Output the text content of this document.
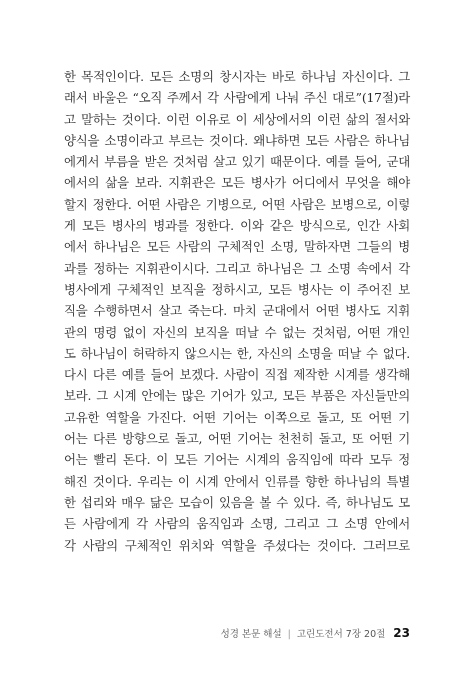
한 목적인이다. 모든 소명의 창시자는 바로 하나님 자신이다. 그
래서 바울은 “오직 주께서 각 사람에게 나눠 주신 대로”(17절)라
고 말하는 것이다. 이런 이유로 이 세상에서의 이런 삶의 절서와
양식을 소명이라고 부르는 것이다. 왜냐하면 모든 사람은 하나님
에게서 부름을 받은 것처럼 살고 있기 때문이다. 예를 들어, 군대
에서의 삶을 보라. 지휘관은 모든 병사가 어디에서 무엇을 해야
할지 정한다. 어떤 사람은 기병으로, 어떤 사람은 보병으로, 이렇
게 모든 병사의 병과를 정한다. 이와 같은 방식으로, 인간 사회
에서 하나님은 모든 사람의 구체적인 소명, 말하자면 그들의 병
과를 정하는 지휘관이시다. 그리고 하나님은 그 소명 속에서 각
병사에게 구체적인 보직을 정하시고, 모든 병사는 이 주어진 보
직을 수행하면서 살고 죽는다. 마치 군대에서 어떤 병사도 지휘
관의 명령 없이 자신의 보직을 떠날 수 없는 것처럼, 어떤 개인
도 하나님이 허락하지 않으시는 한, 자신의 소명을 떠날 수 없다.
다시 다른 예를 들어 보겠다. 사람이 직접 제작한 시계를 생각해
보라. 그 시계 안에는 많은 기어가 있고, 모든 부품은 자신들만의
고유한 역할을 가진다. 어떤 기어는 이쪽으로 돌고, 또 어떤 기
어는 다른 방향으로 돌고, 어떤 기어는 천천히 돌고, 또 어떤 기
어는 빨리 돈다. 이 모든 기어는 시계의 움직임에 따라 모두 정
해진 것이다. 우리는 이 시계 안에서 인류를 향한 하나님의 특별
한 섭리와 매우 닮은 모습이 있음을 볼 수 있다. 즉, 하나님도 모
든 사람에게 각 사람의 움직임과 소명, 그리고 그 소명 안에서
각 사람의 구체적인 위치와 역할을 주셨다는 것이다. 그러므로
성경 본문 해설 | 고린도전서 7장 20절 23
